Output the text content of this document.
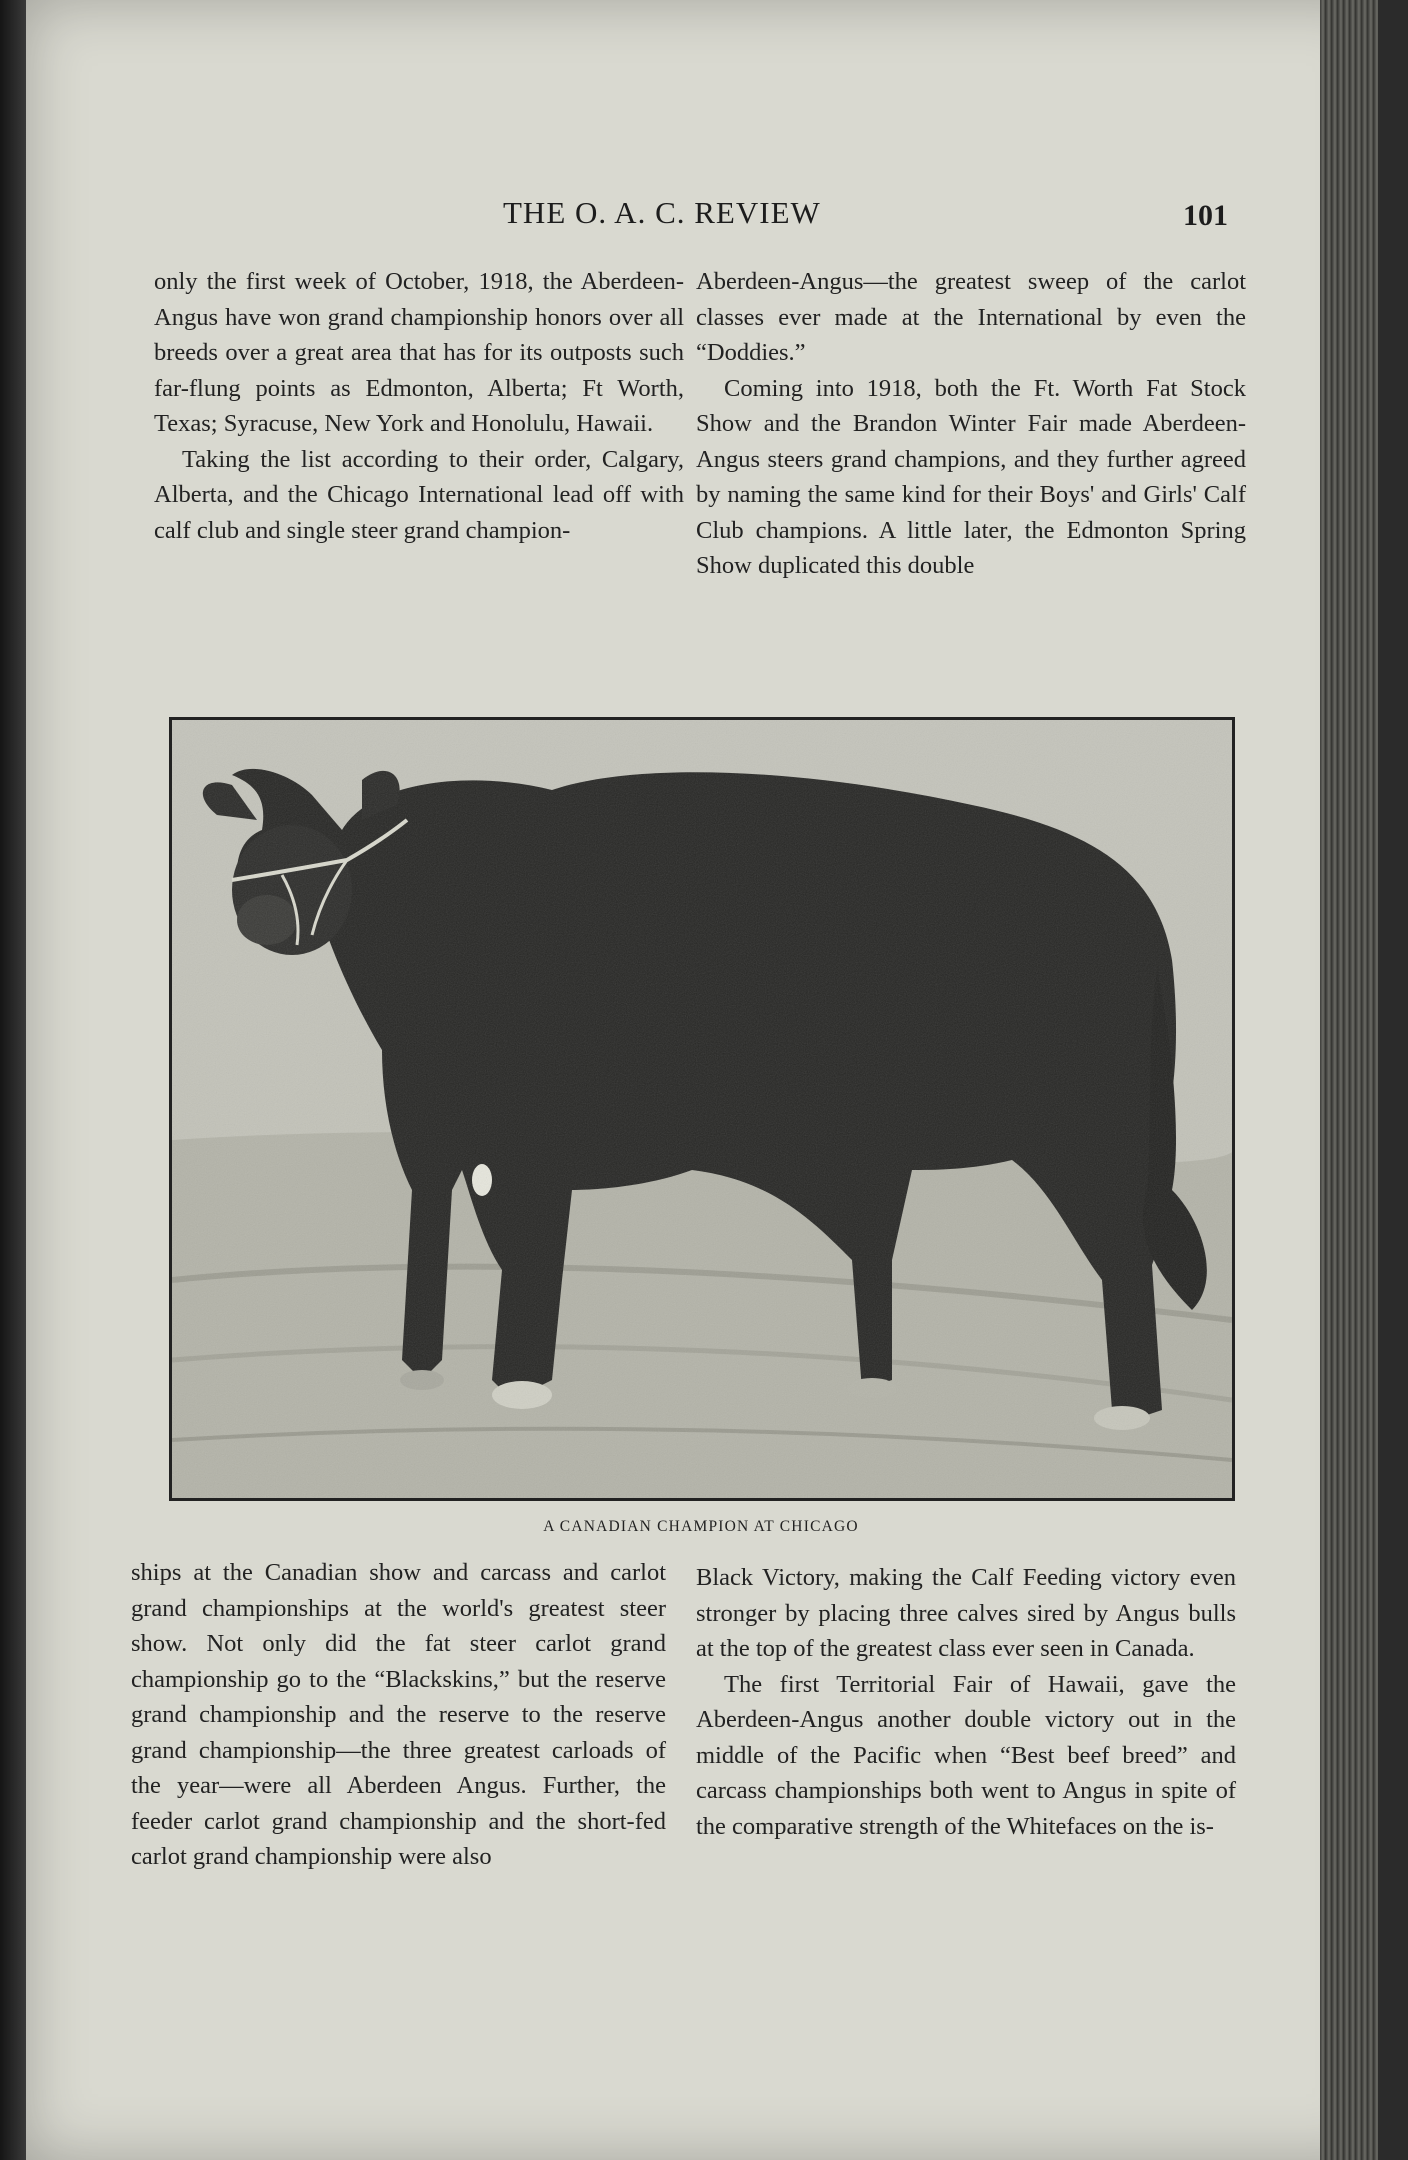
THE O. A. C. REVIEW	101

only the first week of October, 1918, the Aberdeen-Angus have won grand championship honors over all breeds over a great area that has for its outposts such far-flung points as Edmonton, Alberta; Ft Worth, Texas; Syracuse, New York and Honolulu, Hawaii.

Taking the list according to their order, Calgary, Alberta, and the Chicago International lead off with calf club and single steer grand champion-

Aberdeen-Angus—the greatest sweep of the carlot classes ever made at the International by even the “Doddies.”

Coming into 1918, both the Ft. Worth Fat Stock Show and the Brandon Winter Fair made Aberdeen-Angus steers grand champions, and they further agreed by naming the same kind for their Boys' and Girls' Calf Club champions. A little later, the Edmonton Spring Show duplicated this double

A CANADIAN CHAMPION AT CHICAGO

ships at the Canadian show and carcass and carlot grand championships at the world's greatest steer show. Not only did the fat steer carlot grand championship go to the “Blackskins,” but the reserve grand championship and the reserve to the reserve grand championship—the three greatest carloads of the year—were all Aberdeen Angus. Further, the feeder carlot grand championship and the short-fed carlot grand championship were also

Black Victory, making the Calf Feeding victory even stronger by placing three calves sired by Angus bulls at the top of the greatest class ever seen in Canada.

The first Territorial Fair of Hawaii, gave the Aberdeen-Angus another double victory out in the middle of the Pacific when “Best beef breed” and carcass championships both went to Angus in spite of the comparative strength of the Whitefaces on the is-
